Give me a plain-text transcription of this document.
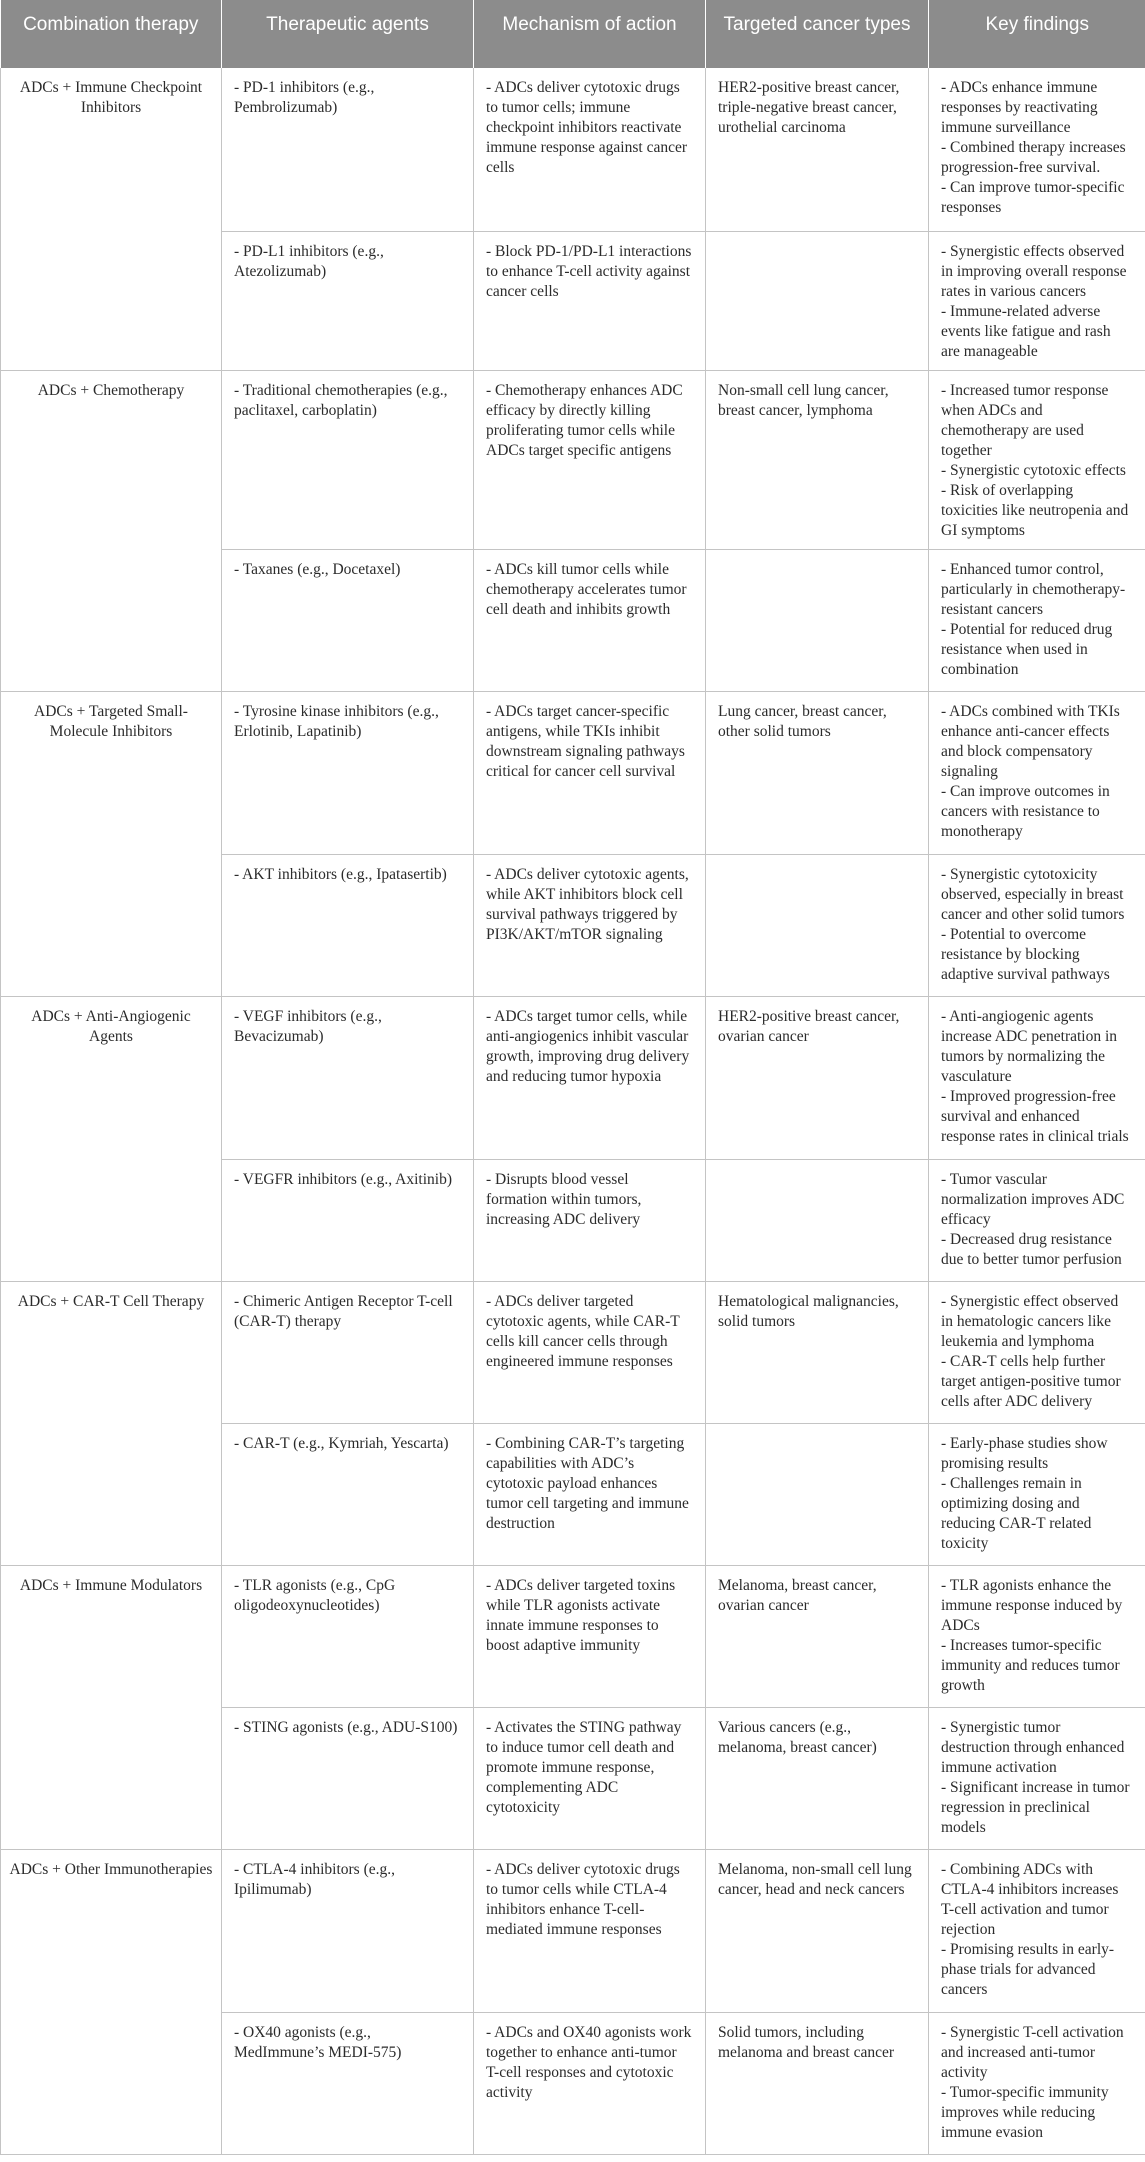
Combination therapy	Therapeutic agents	Mechanism of action	Targeted cancer types	Key findings
ADCs + Immune Checkpoint Inhibitors	- PD-1 inhibitors (e.g., Pembrolizumab)	- ADCs deliver cytotoxic drugs to tumor cells; immune checkpoint inhibitors reactivate immune response against cancer cells	HER2-positive breast cancer, triple-negative breast cancer, urothelial carcinoma	- ADCs enhance immune responses by reactivating immune surveillance
- Combined therapy increases progression-free survival.
- Can improve tumor-specific responses

	- PD-L1 inhibitors (e.g., Atezolizumab)	- Block PD-1/PD-L1 interactions to enhance T-cell activity against cancer cells		- Synergistic effects observed in improving overall response rates in various cancers
- Immune-related adverse events like fatigue and rash are manageable

ADCs + Chemotherapy	- Traditional chemotherapies (e.g., paclitaxel, carboplatin)	- Chemotherapy enhances ADC efficacy by directly killing proliferating tumor cells while ADCs target specific antigens	Non-small cell lung cancer, breast cancer, lymphoma	- Increased tumor response when ADCs and chemotherapy are used together
- Synergistic cytotoxic effects
- Risk of overlapping toxicities like neutropenia and GI symptoms

	- Taxanes (e.g., Docetaxel)	- ADCs kill tumor cells while chemotherapy accelerates tumor cell death and inhibits growth		- Enhanced tumor control, particularly in chemotherapy-resistant cancers
- Potential for reduced drug resistance when used in combination

ADCs + Targeted Small-Molecule Inhibitors	- Tyrosine kinase inhibitors (e.g., Erlotinib, Lapatinib)	- ADCs target cancer-specific antigens, while TKIs inhibit downstream signaling pathways critical for cancer cell survival	Lung cancer, breast cancer, other solid tumors	- ADCs combined with TKIs enhance anti-cancer effects and block compensatory signaling
- Can improve outcomes in cancers with resistance to monotherapy

	- AKT inhibitors (e.g., Ipatasertib)	- ADCs deliver cytotoxic agents, while AKT inhibitors block cell survival pathways triggered by PI3K/AKT/mTOR signaling		- Synergistic cytotoxicity observed, especially in breast cancer and other solid tumors
- Potential to overcome resistance by blocking adaptive survival pathways

ADCs + Anti-Angiogenic Agents	- VEGF inhibitors (e.g., Bevacizumab)	- ADCs target tumor cells, while anti-angiogenics inhibit vascular growth, improving drug delivery and reducing tumor hypoxia	HER2-positive breast cancer, ovarian cancer	- Anti-angiogenic agents increase ADC penetration in tumors by normalizing the vasculature
- Improved progression-free survival and enhanced response rates in clinical trials

	- VEGFR inhibitors (e.g., Axitinib)	- Disrupts blood vessel formation within tumors, increasing ADC delivery		- Tumor vascular normalization improves ADC efficacy
- Decreased drug resistance due to better tumor perfusion

ADCs + CAR-T Cell Therapy	- Chimeric Antigen Receptor T-cell (CAR-T) therapy	- ADCs deliver targeted cytotoxic agents, while CAR-T cells kill cancer cells through engineered immune responses	Hematological malignancies, solid tumors	- Synergistic effect observed in hematologic cancers like leukemia and lymphoma
- CAR-T cells help further target antigen-positive tumor cells after ADC delivery

	- CAR-T (e.g., Kymriah, Yescarta)	- Combining CAR-T’s targeting capabilities with ADC’s cytotoxic payload enhances tumor cell targeting and immune destruction		- Early-phase studies show promising results
- Challenges remain in optimizing dosing and reducing CAR-T related toxicity

ADCs + Immune Modulators	- TLR agonists (e.g., CpG oligodeoxynucleotides)	- ADCs deliver targeted toxins while TLR agonists activate innate immune responses to boost adaptive immunity	Melanoma, breast cancer, ovarian cancer	- TLR agonists enhance the immune response induced by ADCs
- Increases tumor-specific immunity and reduces tumor growth

	- STING agonists (e.g., ADU-S100)	- Activates the STING pathway to induce tumor cell death and promote immune response, complementing ADC cytotoxicity	Various cancers (e.g., melanoma, breast cancer)	- Synergistic tumor destruction through enhanced immune activation
- Significant increase in tumor regression in preclinical models

ADCs + Other Immunotherapies	- CTLA-4 inhibitors (e.g., Ipilimumab)	- ADCs deliver cytotoxic drugs to tumor cells while CTLA-4 inhibitors enhance T-cell-mediated immune responses	Melanoma, non-small cell lung cancer, head and neck cancers	- Combining ADCs with CTLA-4 inhibitors increases T-cell activation and tumor rejection
- Promising results in early-phase trials for advanced cancers

	- OX40 agonists (e.g., MedImmune’s MEDI-575)	- ADCs and OX40 agonists work together to enhance anti-tumor T-cell responses and cytotoxic activity	Solid tumors, including melanoma and breast cancer	- Synergistic T-cell activation and increased anti-tumor activity
- Tumor-specific immunity improves while reducing immune evasion
